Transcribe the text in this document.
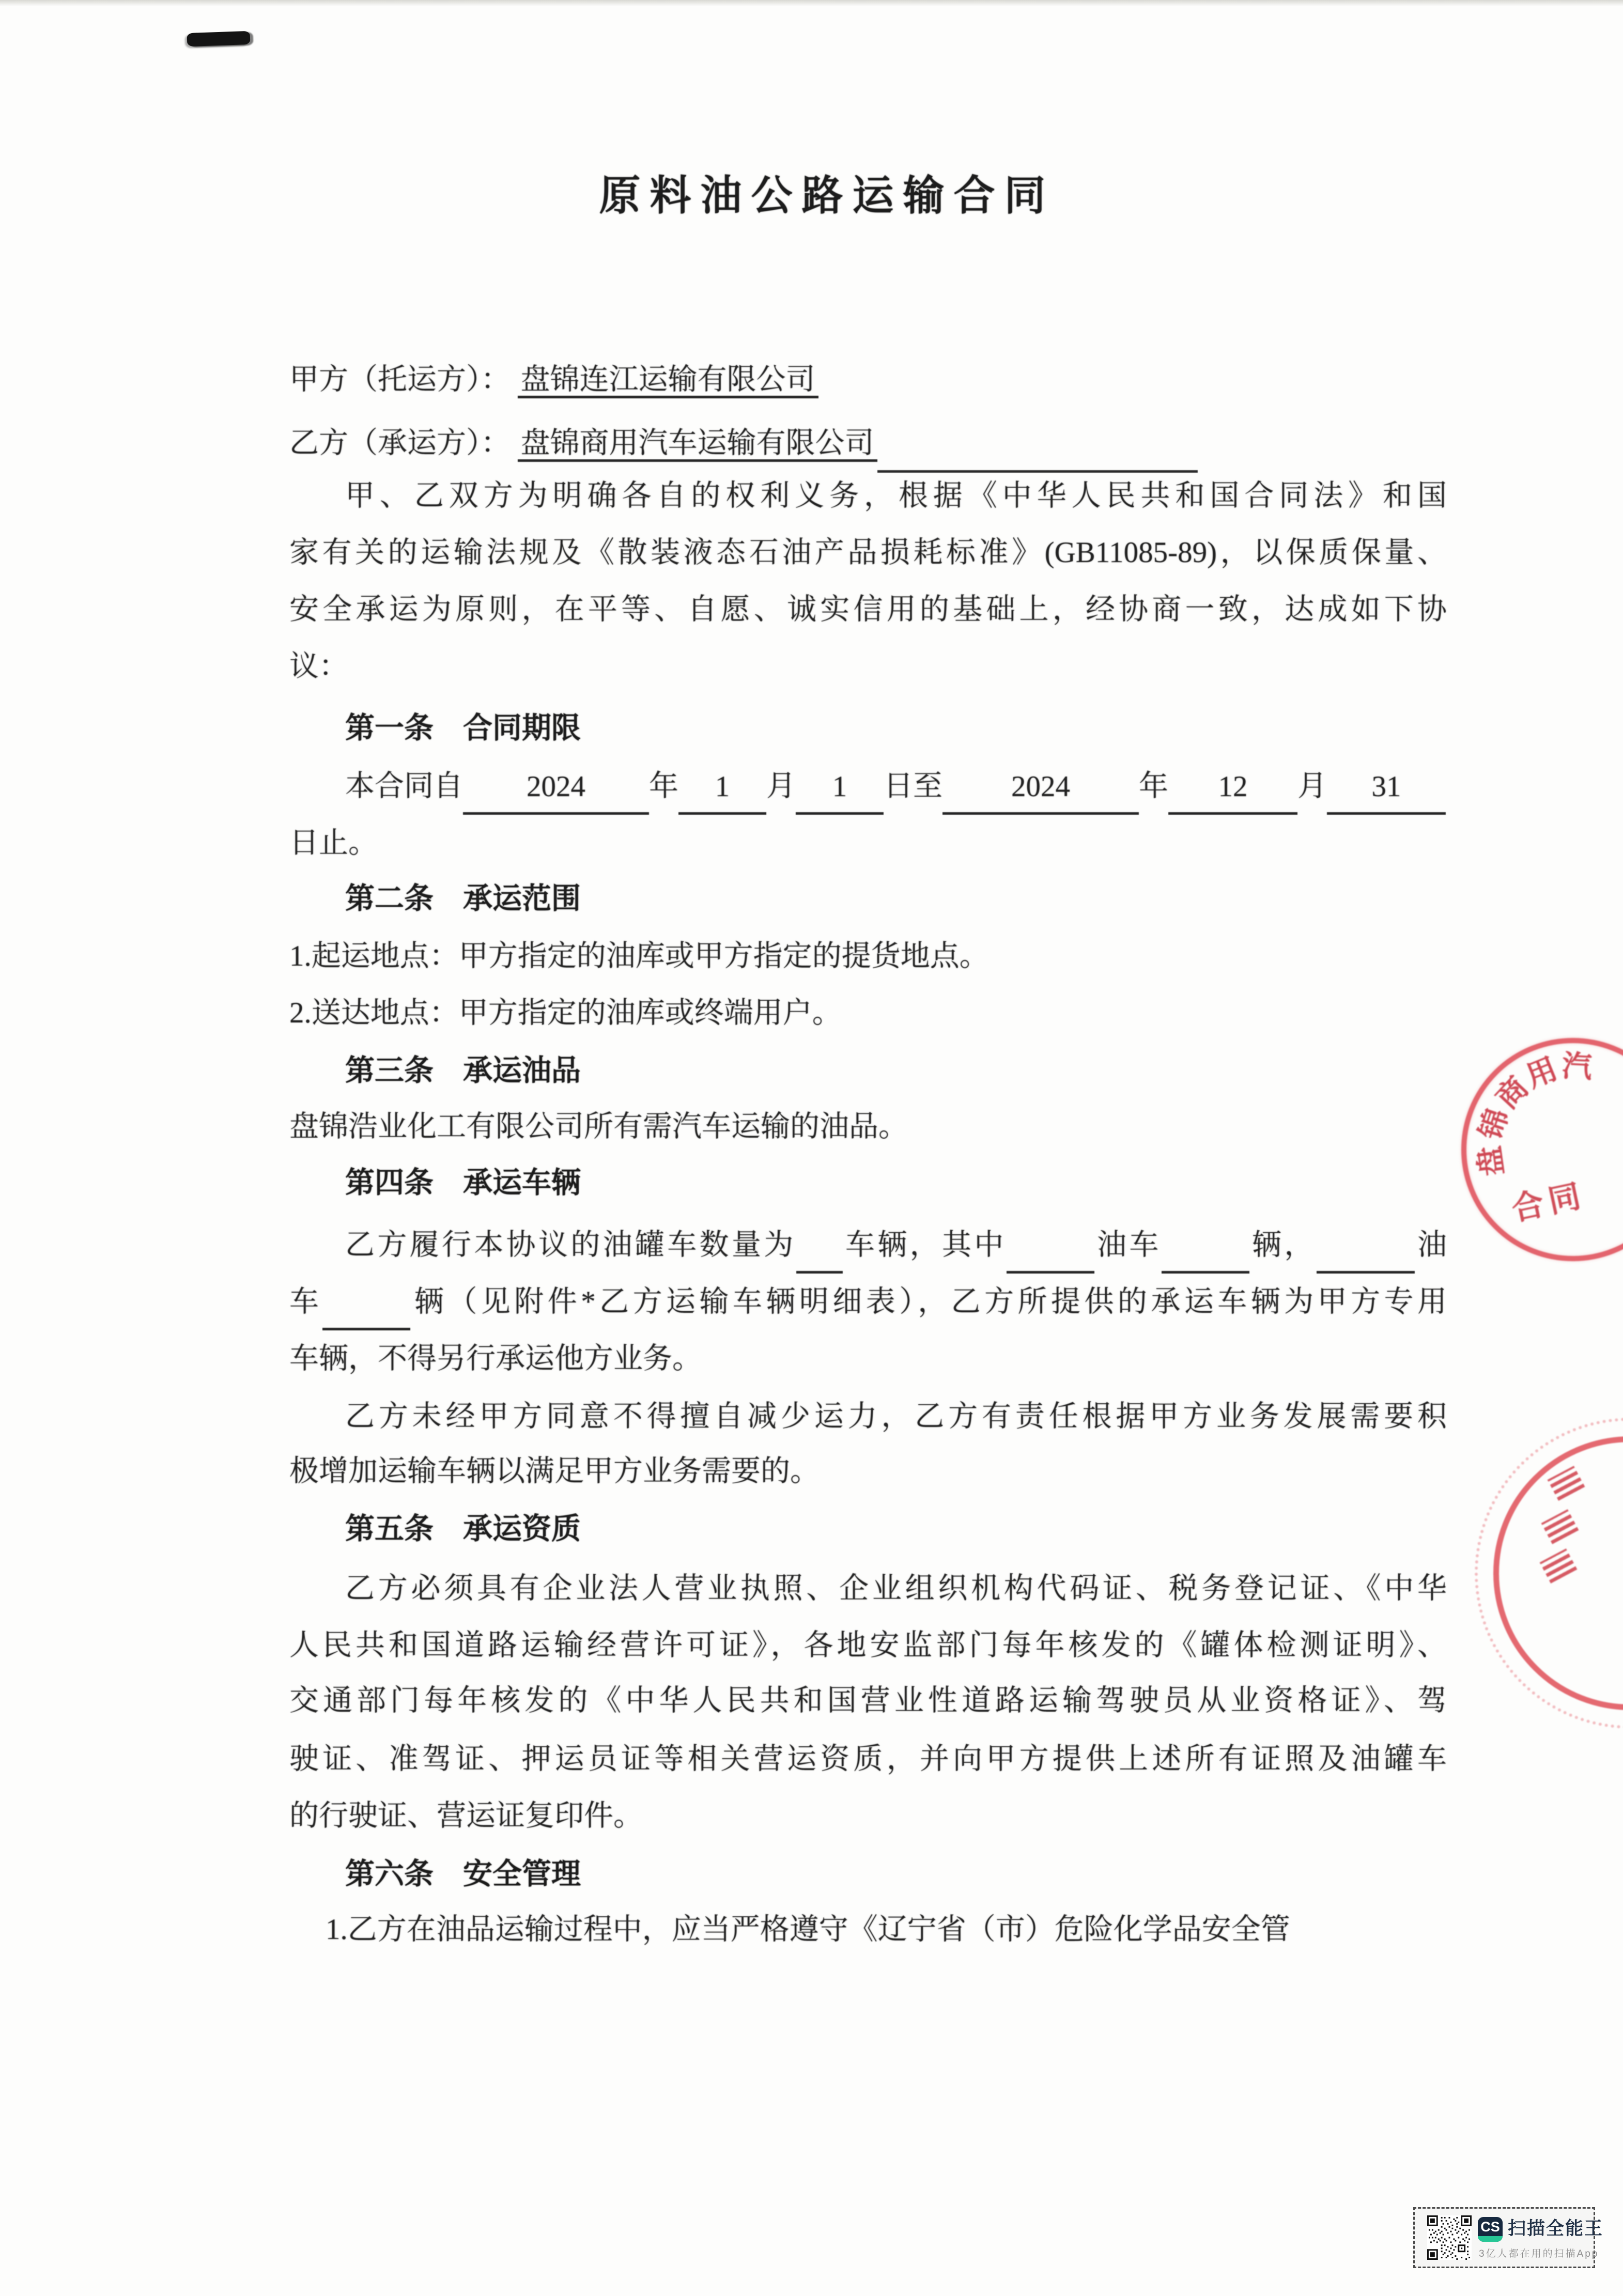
原料油公路运输合同
甲方（托运方）： 盘锦连江运输有限公司
乙方（承运方）： 盘锦商用汽车运输有限公司
甲、乙双方为明确各自的权利义务，根据《中华人民共和国合同法》和国
家有关的运输法规及《散装液态石油产品损耗标准》(GB11085-89)，以保质保量、
安全承运为原则，在平等、自愿、诚实信用的基础上，经协商一致，达成如下协
议：
第一条　合同期限
本合同自 2024 年 1 月 1 日至 2024 年 12 月 31
日止。
第二条　承运范围
1.起运地点：甲方指定的油库或甲方指定的提货地点。
2.送达地点：甲方指定的油库或终端用户。
第三条　承运油品
盘锦浩业化工有限公司所有需汽车运输的油品。
第四条　承运车辆
乙方履行本协议的油罐车数量为 车辆，其中	油车	辆，	油
车	辆（见附件*乙方运输车辆明细表），乙方所提供的承运车辆为甲方专用
车辆，不得另行承运他方业务。
乙方未经甲方同意不得擅自减少运力，乙方有责任根据甲方业务发展需要积
极增加运输车辆以满足甲方业务需要的。
第五条　承运资质
乙方必须具有企业法人营业执照、企业组织机构代码证、税务登记证、《中华
人民共和国道路运输经营许可证》，各地安监部门每年核发的《罐体检测证明》、
交通部门每年核发的《中华人民共和国营业性道路运输驾驶员从业资格证》、驾
驶证、准驾证、押运员证等相关营运资质，并向甲方提供上述所有证照及油罐车
的行驶证、营运证复印件。
第六条　安全管理
1.乙方在油品运输过程中，应当严格遵守《辽宁省（市）危险化学品安全管
盘
锦
商
用
汽
合同
CS 扫描全能王
3亿人都在用的扫描App
